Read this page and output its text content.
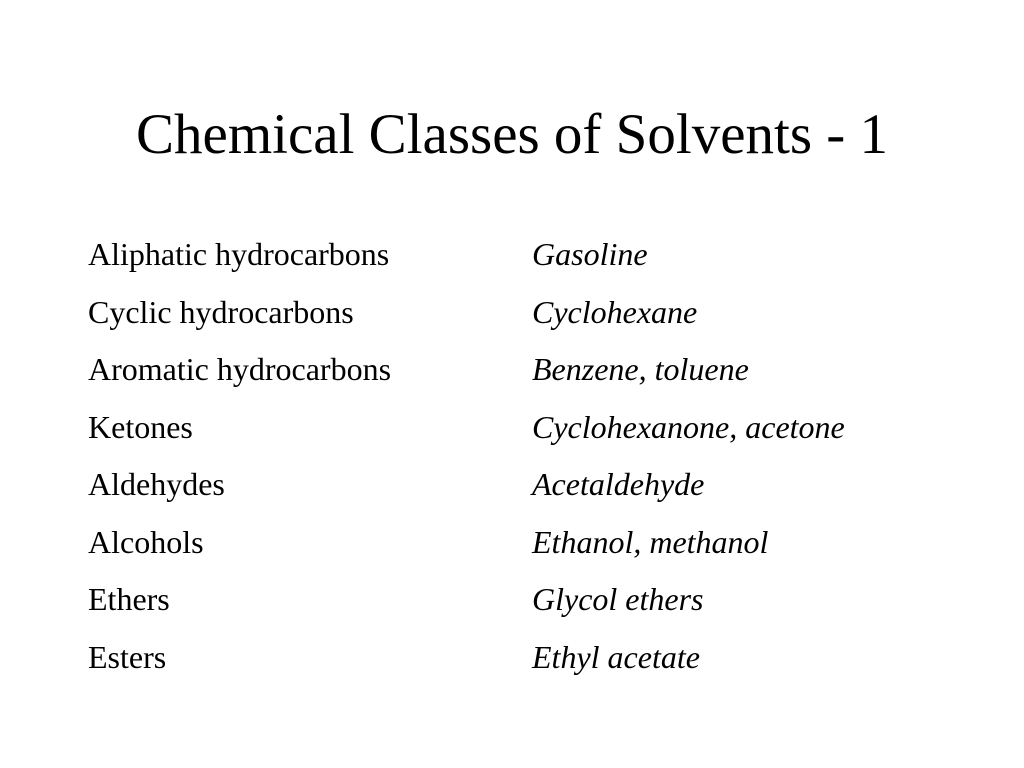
Chemical Classes of Solvents - 1
Aliphatic hydrocarbons	Gasoline
Cyclic hydrocarbons	Cyclohexane
Aromatic hydrocarbons	Benzene, toluene
Ketones	Cyclohexanone, acetone
Aldehydes	Acetaldehyde
Alcohols	Ethanol, methanol
Ethers	Glycol ethers
Esters	Ethyl acetate
